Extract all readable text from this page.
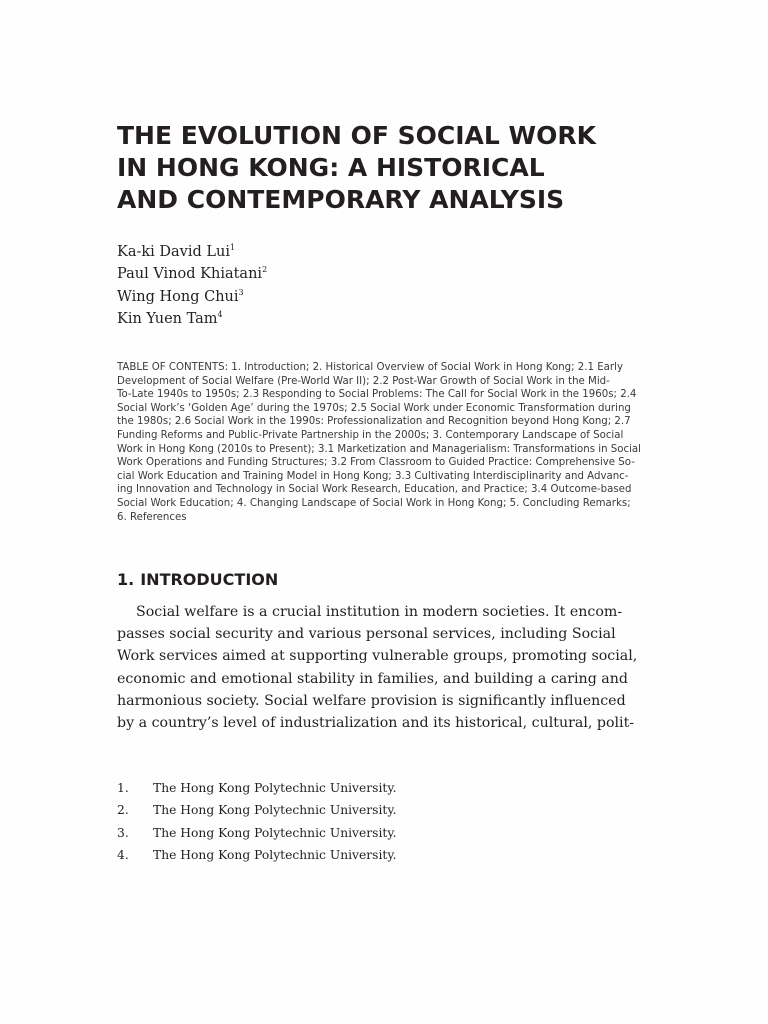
THE EVOLUTION OF SOCIAL WORK
IN HONG KONG: A HISTORICAL
AND CONTEMPORARY ANALYSIS
Ka-ki David Lui$^1$
Paul Vinod Khiatani$^2$
Wing Hong Chui$^3$
Kin Yuen Tam$^4$
TABLE OF CONTENTS: 1. Introduction; 2. Historical Overview of Social Work in Hong Kong; 2.1 Early
Development of Social Welfare (Pre-World War II); 2.2 Post-War Growth of Social Work in the Mid-
To-Late 1940s to 1950s; 2.3 Responding to Social Problems: The Call for Social Work in the 1960s; 2.4
Social Work’s ‘Golden Age’ during the 1970s; 2.5 Social Work under Economic Transformation during
the 1980s; 2.6 Social Work in the 1990s: Professionalization and Recognition beyond Hong Kong; 2.7
Funding Reforms and Public-Private Partnership in the 2000s; 3. Contemporary Landscape of Social
Work in Hong Kong (2010s to Present); 3.1 Marketization and Managerialism: Transformations in Social
Work Operations and Funding Structures; 3.2 From Classroom to Guided Practice: Comprehensive So-
cial Work Education and Training Model in Hong Kong; 3.3 Cultivating Interdisciplinarity and Advanc-
ing Innovation and Technology in Social Work Research, Education, and Practice; 3.4 Outcome-based
Social Work Education; 4. Changing Landscape of Social Work in Hong Kong; 5. Concluding Remarks;
6. References
1. INTRODUCTION
Social welfare is a crucial institution in modern societies. It encom-
passes social security and various personal services, including Social
Work services aimed at supporting vulnerable groups, promoting social,
economic and emotional stability in families, and building a caring and
harmonious society. Social welfare provision is significantly influenced
by a country’s level of industrialization and its historical, cultural, polit-
1. The Hong Kong Polytechnic University.
2. The Hong Kong Polytechnic University.
3. The Hong Kong Polytechnic University.
4. The Hong Kong Polytechnic University.
